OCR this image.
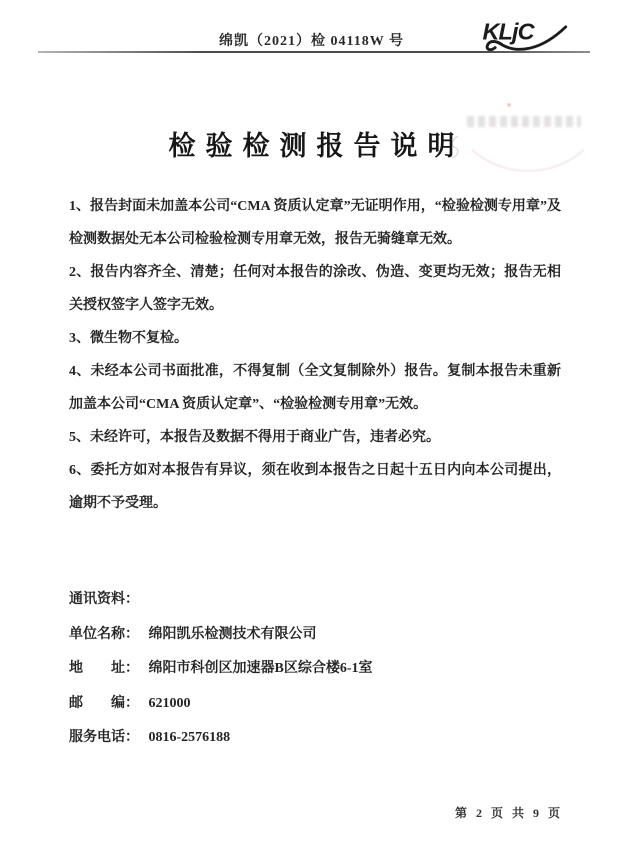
绵凯（2021）检 04118W 号	KLjC
检验检测报告说明

1、报告封面未加盖本公司“CMA 资质认定章”无证明作用，“检验检测专用章”及检测数据处无本公司检验检测专用章无效，报告无骑缝章无效。

2、报告内容齐全、清楚；任何对本报告的涂改、伪造、变更均无效；报告无相关授权签字人签字无效。

3、微生物不复检。

4、未经本公司书面批准，不得复制（全文复制除外）报告。复制本报告未重新加盖本公司“CMA 资质认定章”、“检验检测专用章”无效。

5、未经许可，本报告及数据不得用于商业广告，违者必究。

6、委托方如对本报告有异议，须在收到本报告之日起十五日内向本公司提出，逾期不予受理。

通讯资料：
单位名称： 绵阳凯乐检测技术有限公司
地　　址： 绵阳市科创区加速器B区综合楼6-1室
邮　　编： 621000
服务电话： 0816-2576188
第 2 页 共 9 页
